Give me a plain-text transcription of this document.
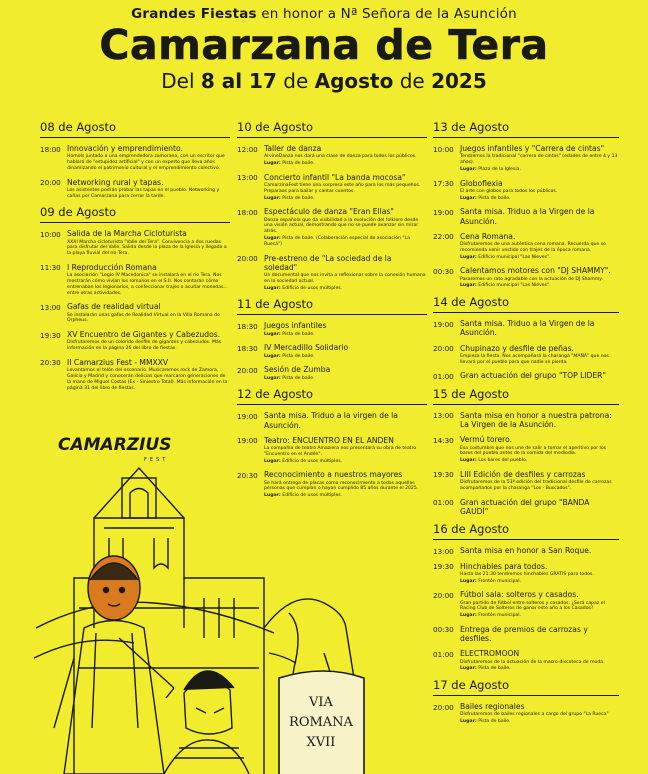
Grandes Fiestas en honor a Nª Señora de la Asunción
Camarzana de Tera
Del 8 al 17 de Agosto de 2025
08 de Agosto
18:00 Innovación y emprendimiento.
Homols juntado a una emprendedora zamorana, con un escritor que hablará de "estupidez artificial" y con un experto que lleva años dinamizando el patrimonio cultural y el emprendimiento colectivo.
20:00 Networking rural y tapas.
Los asistentes podrán probar las tapas en el pueblo. Networking y cañas por Camarzana para cerrar la tarde.
09 de Agosto
10:00 Salida de la Marcha Cicloturista
XXXI Marcha cicloturista "Valle del Tera". Convivencia a dos ruedas para disfrutar del Valle. Salida desde la plaza de la Iglesia y llegada a la playa fluvial del río Tera.
11:30 I Reproducción Romana
La asociación "Legio IV Macedonica" se instalará en el río Tera. Nos mostrarán cómo vivían los romanos en el S.II. Nos contarán cómo entrenaban los legionarios, a confeccionar trajes o acuñar monedas... entre otras actividades.
13:00 Gafas de realidad virtual
Se instalarán unas gafas de Realidad Virtual en la Villa Romana de Orpheus.
19:30 XV Encuentro de Gigantes y Cabezudos.
Disfrutaremos de un colorido desfile de gigantes y cabezudos. Más información en la página 26 del libro de fiestas.
20:30 II Camarzius Fest - MMXXV
Levantamos el telón del escenario. Musicaremos rock de Zamora, Galicia y Madrid y conocerán delicias que marcaron generaciones de la mano de Miguel Costas (Ex - Siniestro Total). Más información en la página 31 del libro de fiestas.
10 de Agosto
12:00 Taller de danza
ArvineDanza nos dará una clase de danza para todos los públicos.
Lugar: Pista de baile.
13:00 Concierto infantil "La banda mocosa"
CamarzinaFest tiene una sorpresa este año para los más pequeños. Preparaos para bailar y cantar cuentos.
Lugar: Pista de baile.
18:00 Espectáculo de danza "Eran Ellas"
Danza española que da visibilidad a la evolución del folklore desde una visión actual, demostrando que no se puede avanzar sin mirar atrás.
Lugar: Pista de baile. (Colaboración especial de asociación "La Ruecá")
20:00 Pre-estreno de "La sociedad de la soledad"
Un documental que nos invita a reflexionar sobre la conexión humana en la sociedad actual.
Lugar: Edificio de usos múltiples.
11 de Agosto
18:30 Juegos infantiles
Lugar: Pista de baile.
18:30 IV Mercadillo Solidario
Lugar: Pista de baile.
20:00 Sesión de Zumba
Lugar: Pista de baile.
12 de Agosto
19:00 Santa misa. Triduo a la virgen de la Asunción.
19:00 Teatro: ENCUENTRO EN EL ANDEN
La compañía de teatro Amaziera nos presentará su obra de teatro "Encuentro en el Andén".
Lugar: Edificio de usos múltiples.
20:30 Reconocimiento a nuestros mayores
Se hará entrega de placas como reconocimiento a todas aquellas personas que cumplan o hayan cumplido 85 años durante el 2025.
Lugar: Edificio de usos múltiples.
13 de Agosto
10:00 Juegos infantiles y "Carrera de cintas"
Tendremos la tradicional "carrera de cintas" (edades de entre 4 y 13 años).
Lugar: Plaza de la Iglesia.
17:30 Globoflexia
El arte con globos para todos los públicos.
Lugar: Pista de baile.
19:00 Santa misa. Triduo a la Virgen de la Asunción.
22:00 Cena Romana.
Disfrutaremos de una auténtica cena romana. Recuerda que se recomienda venir vestido con trajes de la época romana.
Lugar: Edificio municipal "Las Nieves".
00:30 Calentamos motores con "DJ SHAMMY".
Pasaremos un rato agradable con la actuación de DJ Shammy.
Lugar: Edificio municipal "Las Nieves".
14 de Agosto
19:00 Santa misa. Triduo a la Virgen de la Asunción.
20:00 Chupinazo y desfile de peñas.
Empieza la fiesta. Nos acompañará la charanga "MAÑÁ" que nos llevará por el pueblo para que nadie se pierda.
01:00 Gran actuación del grupo "TOP LIDER"
15 de Agosto
13:00 Santa misa en honor a nuestra patrona: La Virgen de la Asunción.
14:30 Vermú torero.
Esa costumbre que nos une de salir a tomar el aperitivo por los bares del pueblo antes de la comida del mediodía.
Lugar: Los bares del pueblo.
19:30 LIII Edición de desfiles y carrozas
Disfrutaremos de la 53ª edición del tradicional desfile de carrozas acompañados por la charanga "Los - Buscados".
01:00 Gran actuación del grupo "BANDA GAUDÍ"
16 de Agosto
13:00 Santa misa en honor a San Roque.
19:30 Hinchables para todos.
Hasta las 21:30 tendremos hinchables GRATIS para todos.
Lugar: Frontón municipal.
20:00 Fútbol sala: solteros y casados.
Gran partido de fútbol entre solteros y casados. ¿Será capaz el Racing Club de Solteros de ganar este año a los Casados?
Lugar: Frontón municipal.
00:30 Entrega de premios de carrozas y desfiles.
01:00 ELECTROMOON
Disfrutaremos de la actuación de la macro-discoteca de moda.
Lugar: Pista de baile.
17 de Agosto
20:00 Bailes regionales
Disfrutaremos de bailes regionales a cargo del grupo "La Rueca"
Lugar: Pista de baile.
CAMARZIUS
FEST
VIA
ROMANA
XVII
